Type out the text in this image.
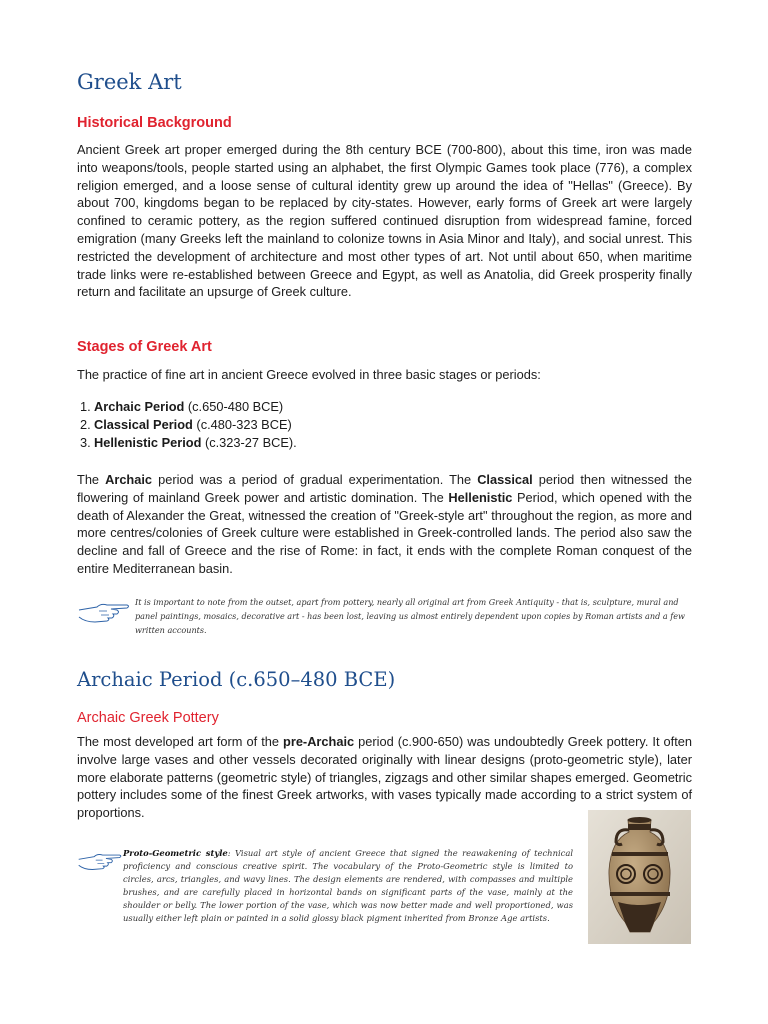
Greek Art
Historical Background

Ancient Greek art proper emerged during the 8th century BCE (700-800), about this time, iron was made into weapons/tools, people started using an alphabet, the first Olympic Games took place (776), a complex religion emerged, and a loose sense of cultural identity grew up around the idea of "Hellas" (Greece). By about 700, kingdoms began to be replaced by city-states. However, early forms of Greek art were largely confined to ceramic pottery, as the region suffered continued disruption from widespread famine, forced emigration (many Greeks left the mainland to colonize towns in Asia Minor and Italy), and social unrest. This restricted the development of architecture and most other types of art. Not until about 650, when maritime trade links were re-established between Greece and Egypt, as well as Anatolia, did Greek prosperity finally return and facilitate an upsurge of Greek culture.

Stages of Greek Art

The practice of fine art in ancient Greece evolved in three basic stages or periods:

1. Archaic Period (c.650-480 BCE)
2. Classical Period (c.480-323 BCE)
3. Hellenistic Period (c.323-27 BCE).

The Archaic period was a period of gradual experimentation. The Classical period then witnessed the flowering of mainland Greek power and artistic domination. The Hellenistic Period, which opened with the death of Alexander the Great, witnessed the creation of "Greek-style art" throughout the region, as more and more centres/colonies of Greek culture were established in Greek-controlled lands. The period also saw the decline and fall of Greece and the rise of Rome: in fact, it ends with the complete Roman conquest of the entire Mediterranean basin.

It is important to note from the outset, apart from pottery, nearly all original art from Greek Antiquity - that is, sculpture, mural and panel paintings, mosaics, decorative art - has been lost, leaving us almost entirely dependent upon copies by Roman artists and a few written accounts.

Archaic Period (c.650–480 BCE)
Archaic Greek Pottery

The most developed art form of the pre-Archaic period (c.900-650) was undoubtedly Greek pottery. It often involve large vases and other vessels decorated originally with linear designs (proto-geometric style), later more elaborate patterns (geometric style) of triangles, zigzags and other similar shapes emerged. Geometric pottery includes some of the finest Greek artworks, with vases typically made according to a strict system of proportions.

Proto-Geometric style: Visual art style of ancient Greece that signed the reawakening of technical proficiency and conscious creative spirit. The vocabulary of the Proto-Geometric style is limited to circles, arcs, triangles, and wavy lines. The design elements are rendered, with compasses and multiple brushes, and are carefully placed in horizontal bands on significant parts of the vase, mainly at the shoulder or belly. The lower portion of the vase, which was now better made and well proportioned, was usually either left plain or painted in a solid glossy black pigment inherited from Bronze Age artists.
